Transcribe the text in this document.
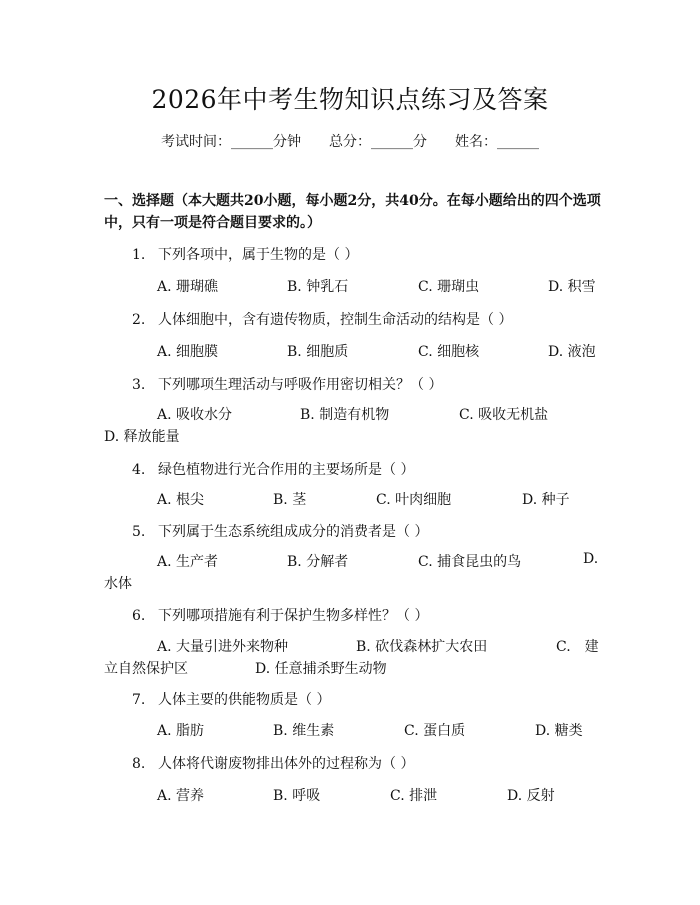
2026年中考生物知识点练习及答案
考试时间：______分钟 总分：______分 姓名：______
一、选择题（本大题共20小题，每小题2分，共40分。在每小题给出的四个选项中，只有一项是符合题目要求的。）
1. 下列各项中，属于生物的是（ ）
A. 珊瑚礁	B. 钟乳石	C. 珊瑚虫	D. 积雪
2. 人体细胞中，含有遗传物质，控制生命活动的结构是（ ）
A. 细胞膜	B. 细胞质	C. 细胞核	D. 液泡
3. 下列哪项生理活动与呼吸作用密切相关？（ ）
A. 吸收水分	B. 制造有机物	C. 吸收无机盐
D. 释放能量
4. 绿色植物进行光合作用的主要场所是（ ）
A. 根尖	B. 茎	C. 叶肉细胞	D. 种子
5. 下列属于生态系统组成成分的消费者是（ ）
A. 生产者	B. 分解者	C. 捕食昆虫的鸟	D.
水体
6. 下列哪项措施有利于保护生物多样性？（ ）
A. 大量引进外来物种	B. 砍伐森林扩大农田	C.　建
立自然保护区	D. 任意捕杀野生动物
7. 人体主要的供能物质是（ ）
A. 脂肪	B. 维生素	C. 蛋白质	D. 糖类
8. 人体将代谢废物排出体外的过程称为（ ）
A. 营养	B. 呼吸	C. 排泄	D. 反射
